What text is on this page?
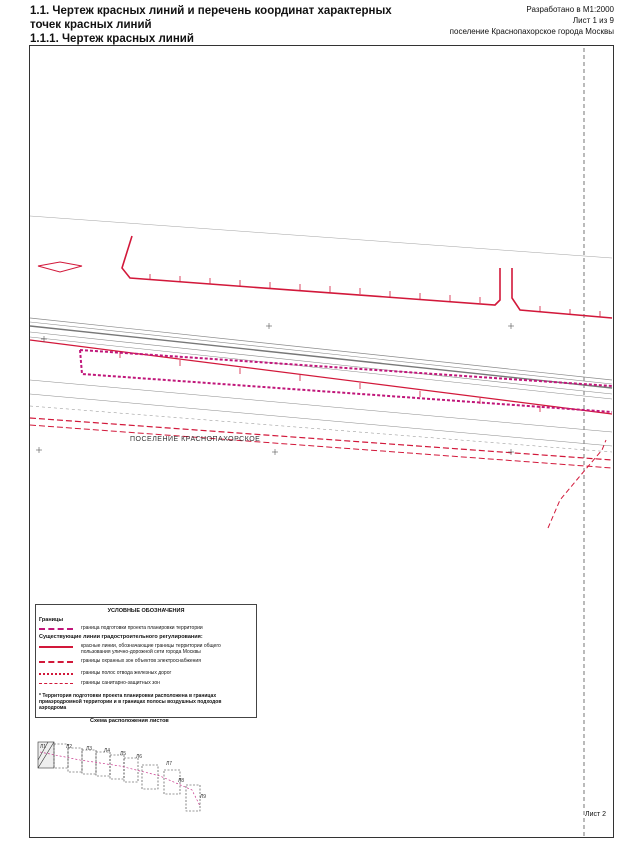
1.1. Чертеж красных линий и перечень координат характерных
точек красных линий
1.1.1. Чертеж красных линий
Разработано в М1:2000
Лист 1 из 9
поселение Краснопахорское города Москвы
Л1	Л2	Л3 Л4 Л5 Л6
Л7
Л8
Л9
ПОСЕЛЕНИЕ КРАСНОПАХОРСКОЕ
УСЛОВНЫЕ ОБОЗНАЧЕНИЯ
Границы
граница подготовки проекта планировки территории
Существующие линии градостроительного регулирования:
красные линии, обозначающие границы территории общего пользования улично-дорожной сети города Москвы
границы охранных зон объектов электроснабжения
границы полос отвода железных дорог
границы санитарно-защитных зон
* Территория подготовки проекта планировки расположена в границах приаэродромной территории и в границах полосы воздушных подходов аэродрома
Схема расположения листов
Лист 2
